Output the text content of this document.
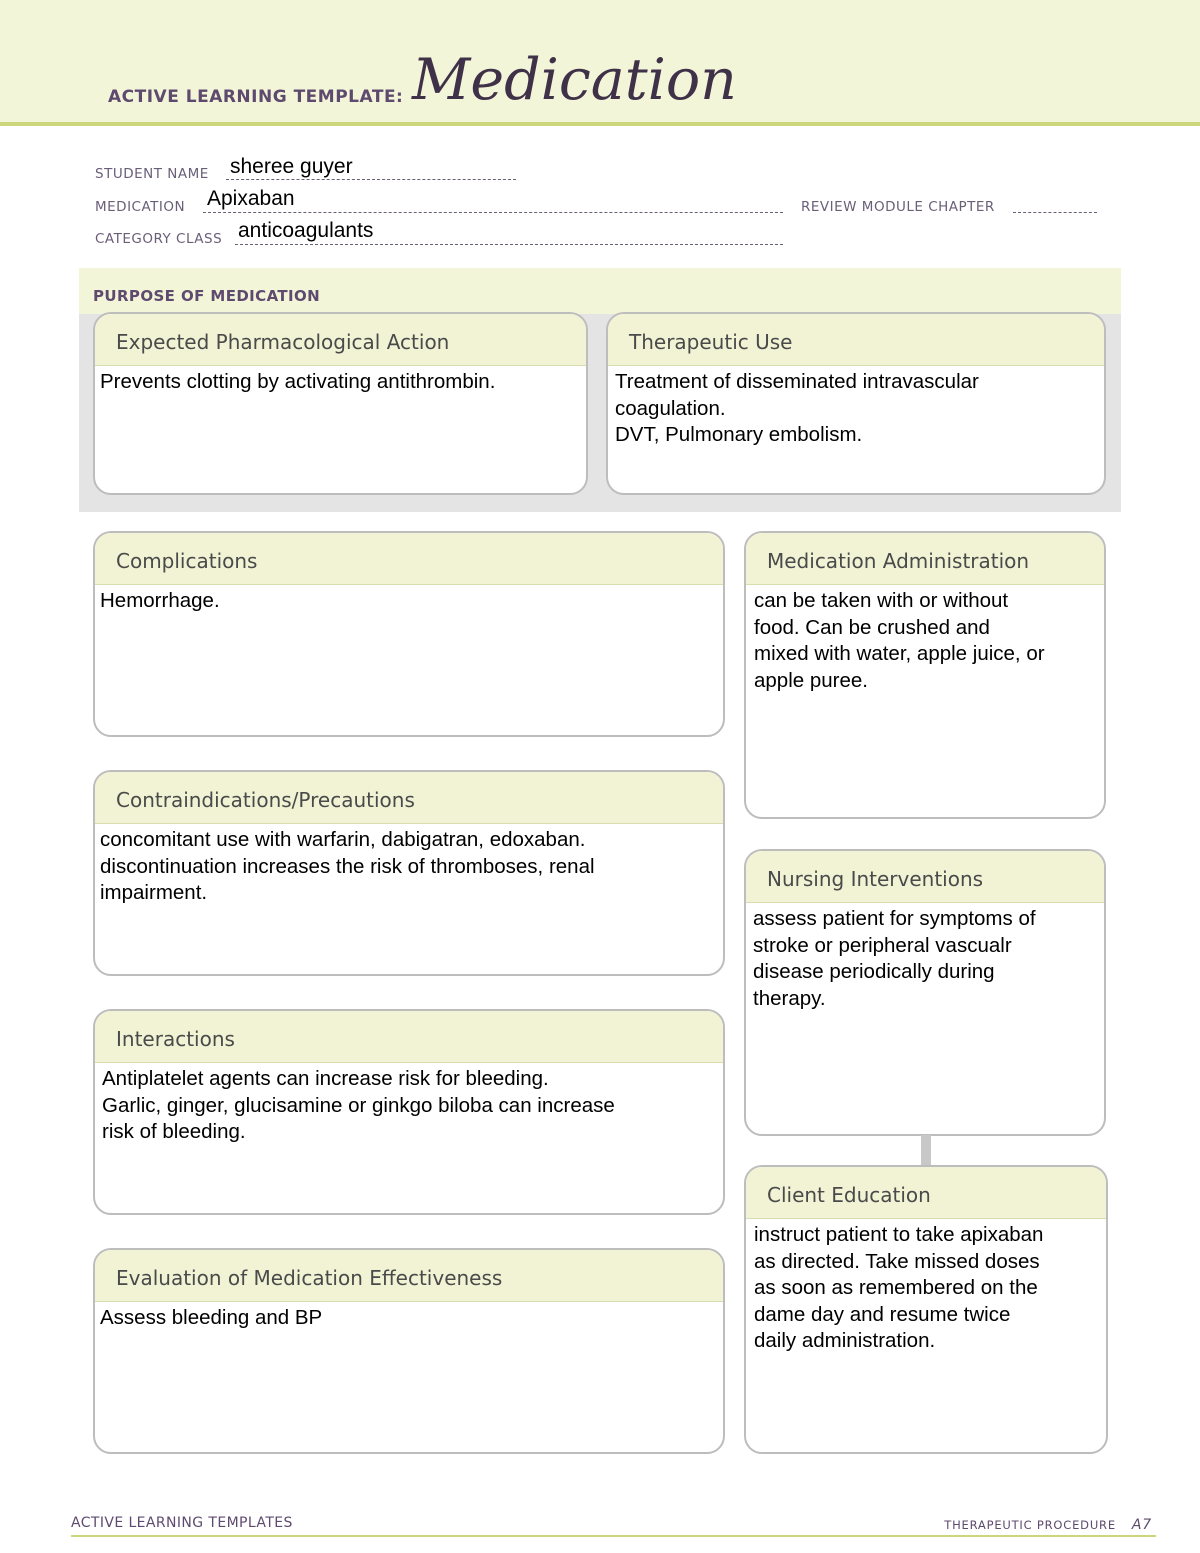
ACTIVE LEARNING TEMPLATE: Medication
STUDENT NAME sheree guyer
MEDICATION Apixaban	REVIEW MODULE CHAPTER
CATEGORY CLASS anticoagulants
PURPOSE OF MEDICATION
Expected Pharmacological Action
Prevents clotting by activating antithrombin.
Therapeutic Use
Treatment of disseminated intravascular
coagulation.
DVT, Pulmonary embolism.
Complications
Hemorrhage.
Contraindications/Precautions
concomitant use with warfarin, dabigatran, edoxaban.
discontinuation increases the risk of thromboses, renal
impairment.
Interactions
Antiplatelet agents can increase risk for bleeding.
Garlic, ginger, glucisamine or ginkgo biloba can increase
risk of bleeding.
Evaluation of Medication Effectiveness
Assess bleeding and BP
Medication Administration
can be taken with or without
food. Can be crushed and
mixed with water, apple juice, or
apple puree.
Nursing Interventions
assess patient for symptoms of
stroke or peripheral vascualr
disease periodically during
therapy.
Client Education
instruct patient to take apixaban
as directed. Take missed doses
as soon as remembered on the
dame day and resume twice
daily administration.
ACTIVE LEARNING TEMPLATES	THERAPEUTIC PROCEDURE A7
